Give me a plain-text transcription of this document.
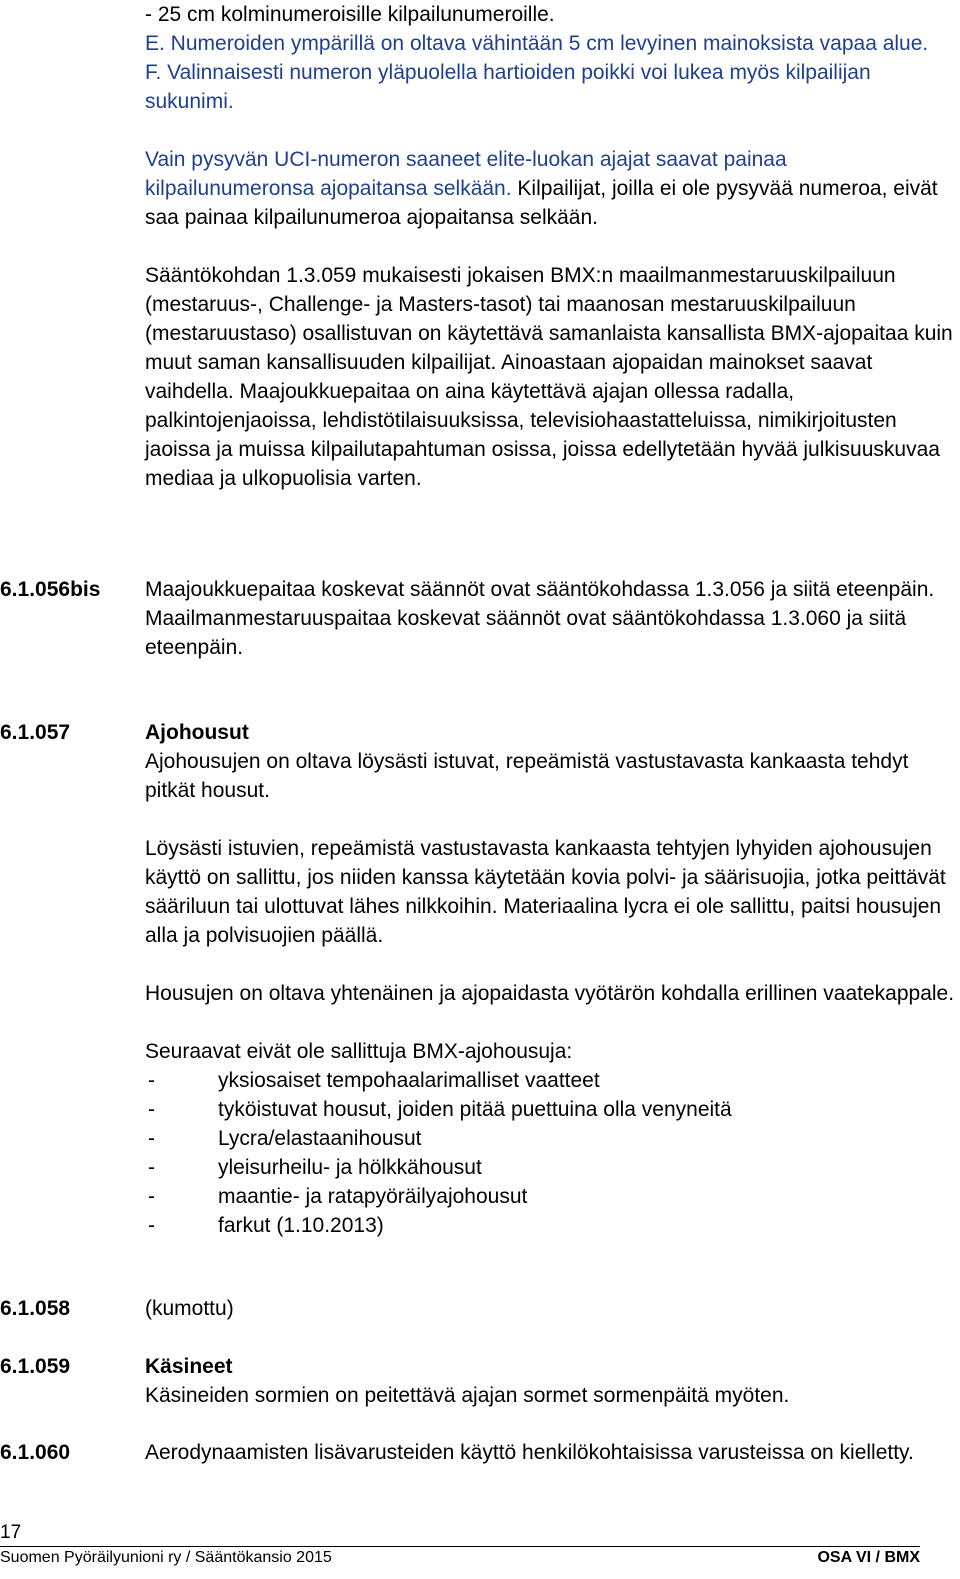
- 25 cm kolminumeroisille kilpailunumeroille.

E. Numeroiden ympärillä on oltava vähintään 5 cm levyinen mainoksista vapaa alue.

F. Valinnaisesti numeron yläpuolella hartioiden poikki voi lukea myös kilpailijan sukunimi.

Vain pysyvän UCI-numeron saaneet elite-luokan ajajat saavat painaa kilpailunumeronsa ajopaitansa selkään. Kilpailijat, joilla ei ole pysyvää numeroa, eivät saa painaa kilpailunumeroa ajopaitansa selkään.

Sääntökohdan 1.3.059 mukaisesti jokaisen BMX:n maailmanmestaruuskilpailuun (mestaruus-, Challenge- ja Masters-tasot) tai maanosan mestaruuskilpailuun (mestaruustaso) osallistuvan on käytettävä samanlaista kansallista BMX-ajopaitaa kuin muut saman kansallisuuden kilpailijat. Ainoastaan ajopaidan mainokset saavat vaihdella. Maajoukkuepaitaa on aina käytettävä ajajan ollessa radalla, palkintojenjaoissa, lehdistötilaisuuksissa, televisiohaastatteluissa, nimikirjoitusten jaoissa ja muissa kilpailutapahtuman osissa, joissa edellytetään hyvää julkisuuskuvaa mediaa ja ulkopuolisia varten.

6.1.056bis Maajoukkuepaitaa koskevat säännöt ovat sääntökohdassa 1.3.056 ja siitä eteenpäin.

Maailmanmestaruuspaitaa koskevat säännöt ovat sääntökohdassa 1.3.060 ja siitä eteenpäin.

6.1.057	Ajohousut

Ajohousujen on oltava löysästi istuvat, repeämistä vastustavasta kankaasta tehdyt pitkät housut.

Löysästi istuvien, repeämistä vastustavasta kankaasta tehtyjen lyhyiden ajohousujen käyttö on sallittu, jos niiden kanssa käytetään kovia polvi- ja säärisuojia, jotka peittävät sääriluun tai ulottuvat lähes nilkkoihin. Materiaalina lycra ei ole sallittu, paitsi housujen alla ja polvisuojien päällä.

Housujen on oltava yhtenäinen ja ajopaidasta vyötärön kohdalla erillinen vaatekappale.

Seuraavat eivät ole sallittuja BMX-ajohousuja:

-	yksiosaiset tempohaalarimalliset vaatteet
-	tyköistuvat housut, joiden pitää puettuina olla venyneitä
-	Lycra/elastaanihousut
-	yleisurheilu- ja hölkkähousut
-	maantie- ja ratapyöräilyajohousut
-	farkut (1.10.2013)
6.1.058	(kumottu)

6.1.059	Käsineet

Käsineiden sormien on peitettävä ajajan sormet sormenpäitä myöten.

6.1.060	Aerodynaamisten lisävarusteiden käyttö henkilökohtaisissa varusteissa on kielletty.

17
Suomen Pyöräilyunioni ry / Sääntökansio 2015	OSA VI / BMX
